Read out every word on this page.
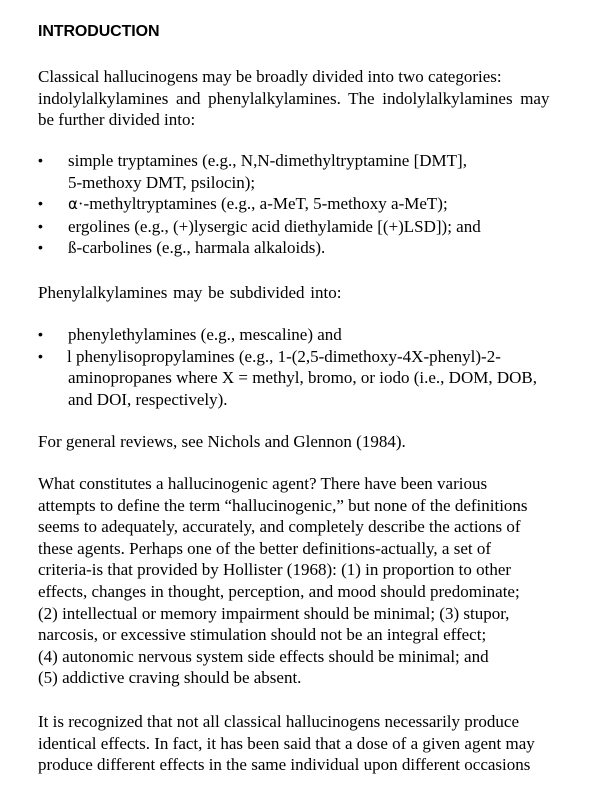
INTRODUCTION
Classical hallucinogens may be broadly divided into two categories:
indolylalkylamines and phenylalkylamines. The indolylalkylamines may
be further divided into:
• simple tryptamines (e.g., N,N-dimethyltryptamine [DMT],
5-methoxy DMT, psilocin);
• α·-methyltryptamines (e.g., a-MeT, 5-methoxy a-MeT);
• ergolines (e.g., (+)lysergic acid diethylamide [(+)LSD]); and
• ß-carbolines (e.g., harmala alkaloids).
Phenylalkylamines may be subdivided into:
• phenylethylamines (e.g., mescaline) and
• l phenylisopropylamines (e.g., 1-(2,5-dimethoxy-4X-phenyl)-2-
aminopropanes where X = methyl, bromo, or iodo (i.e., DOM, DOB,
and DOI, respectively).
For general reviews, see Nichols and Glennon (1984).
What constitutes a hallucinogenic agent? There have been various
attempts to define the term “hallucinogenic,” but none of the definitions
seems to adequately, accurately, and completely describe the actions of
these agents. Perhaps one of the better definitions-actually, a set of
criteria-is that provided by Hollister (1968): (1) in proportion to other
effects, changes in thought, perception, and mood should predominate;
(2) intellectual or memory impairment should be minimal; (3) stupor,
narcosis, or excessive stimulation should not be an integral effect;
(4) autonomic nervous system side effects should be minimal; and
(5) addictive craving should be absent.
It is recognized that not all classical hallucinogens necessarily produce
identical effects. In fact, it has been said that a dose of a given agent may
produce different effects in the same individual upon different occasions
